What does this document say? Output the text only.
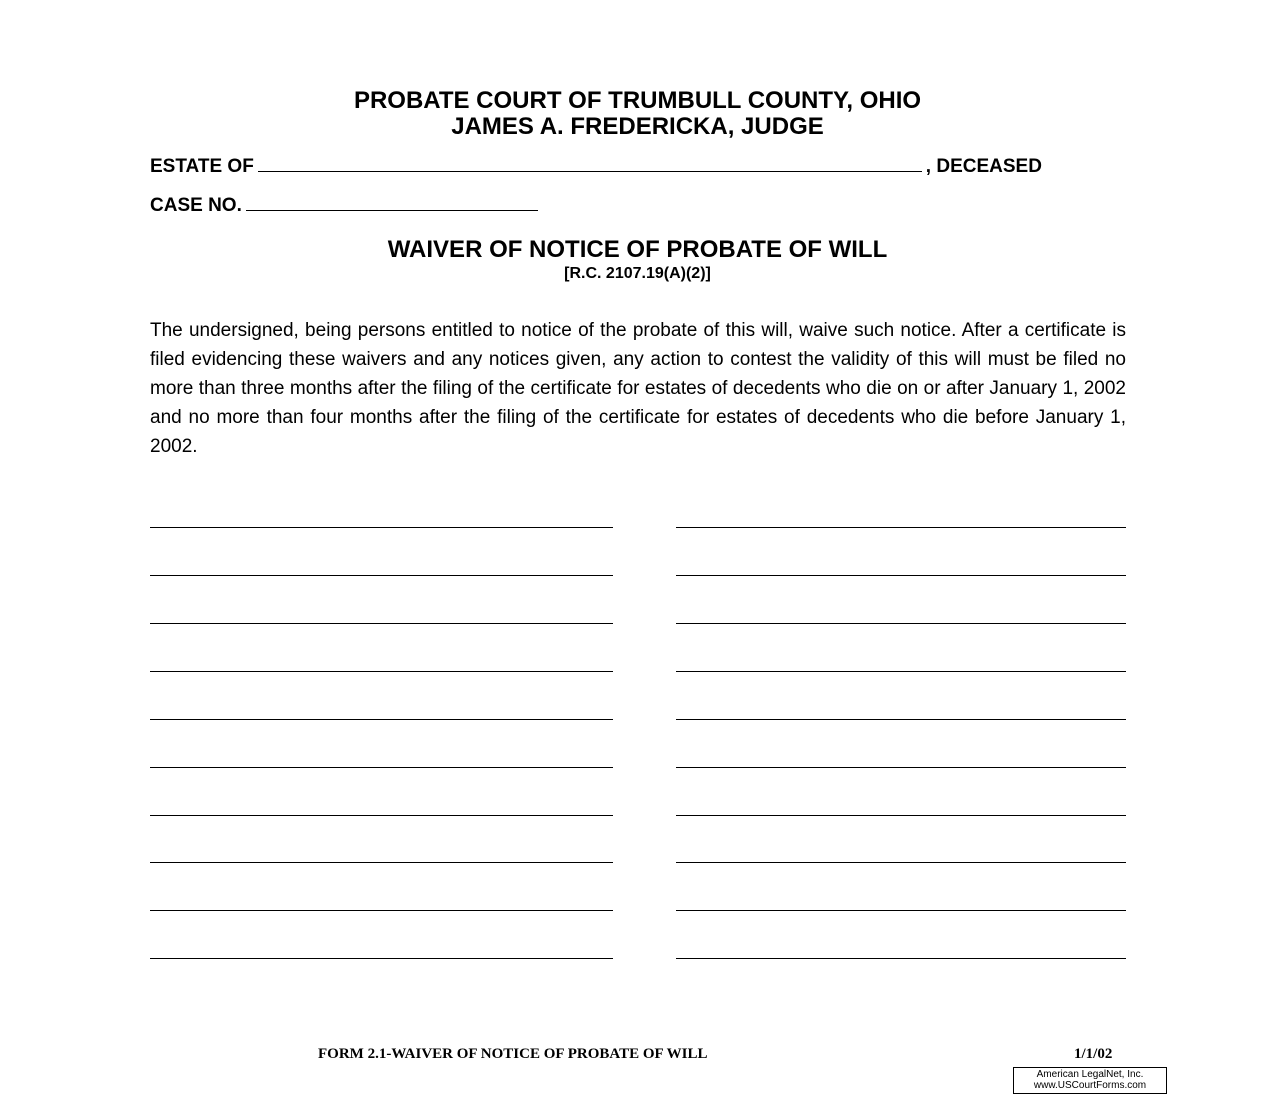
PROBATE COURT OF TRUMBULL COUNTY, OHIO
JAMES A. FREDERICKA, JUDGE
ESTATE OF	, DECEASED
CASE NO.
WAIVER OF NOTICE OF PROBATE OF WILL
[R.C. 2107.19(A)(2)]
The undersigned, being persons entitled to notice of the probate of this will, waive such notice. After a certificate is filed evidencing these waivers and any notices given, any action to contest the validity of this will must be filed no more than three months after the filing of the certificate for estates of decedents who die on or after January 1, 2002 and no more than four months after the filing of the certificate for estates of decedents who die before January 1, 2002.
FORM 2.1-WAIVER OF NOTICE OF PROBATE OF WILL	1/1/02
American LegalNet, Inc.
www.USCourtForms.com
